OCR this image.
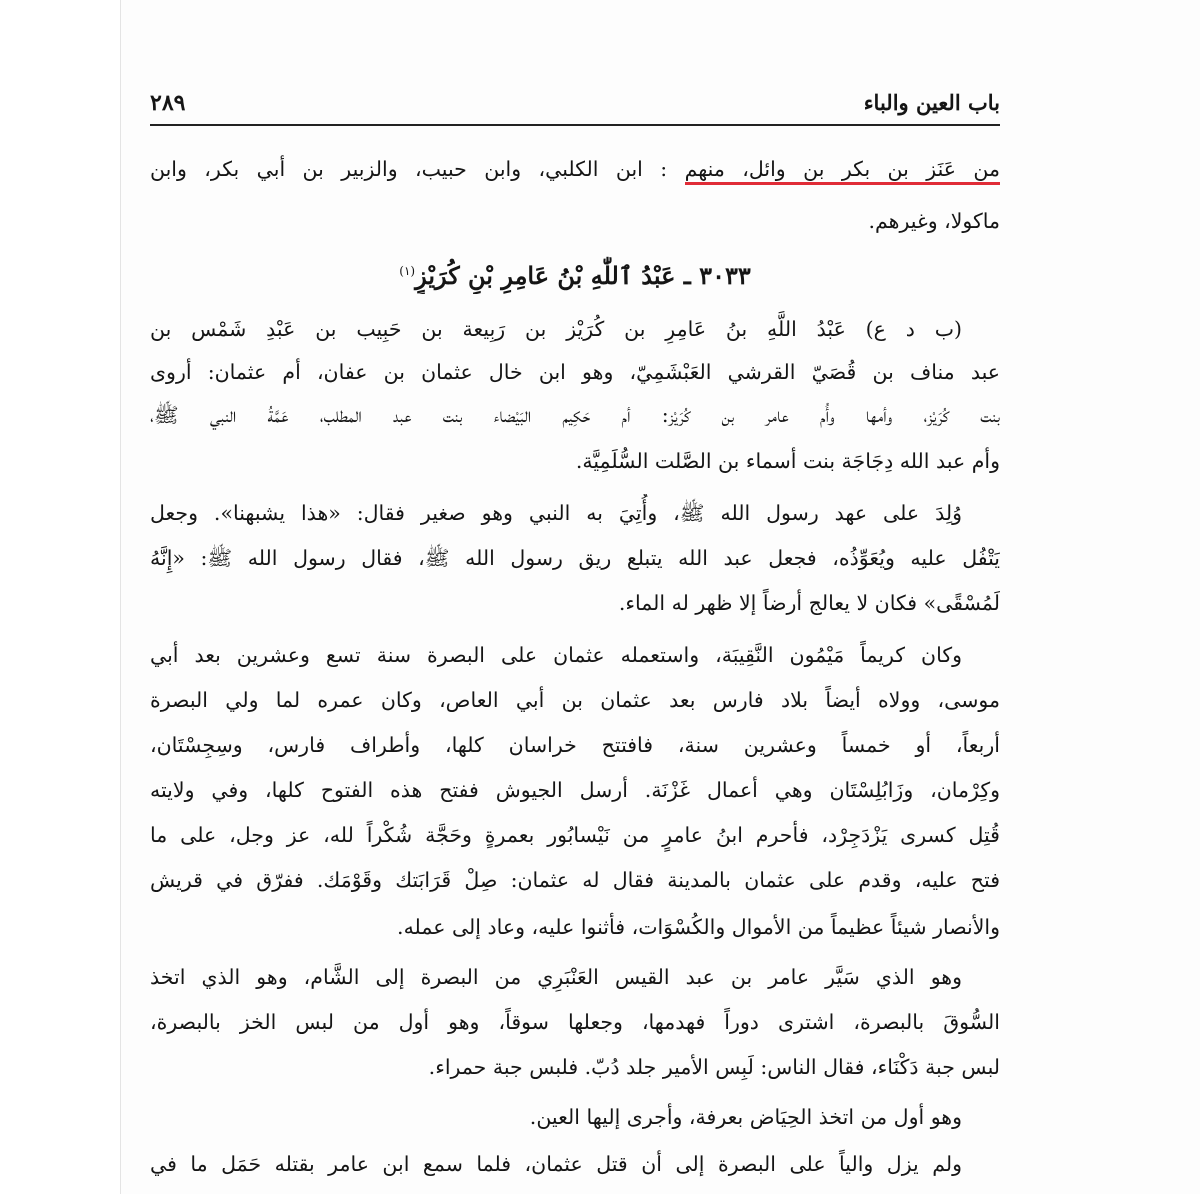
باب العين والباء
٢٨٩
من عَنَز بن بكر بن وائل، منهم : ابن الكلبي، وابن حبيب، والزبير بن أبي بكر، وابن
ماكولا، وغيرهم.
٣٠٣٣ ـ عَبْدُ ٱللّٰهِ بْنُ عَامِرِ بْنِ كُرَيْزٍ$^{(١)}$
(ب د ع) عَبْدُ اللَّهِ بنُ عَامِرِ بن كُرَيْز بن رَبِيعة بن حَبِيب بن عَبْدِ شَمْس بن
عبد مناف بن قُصَيّ القرشي العَبْشَمِيّ، وهو ابن خال عثمان بن عفان، أم عثمان: أروى
بنت كُرَيْز، وأمها وأُم عامر بن كُرَيْز: أم حَكِيم البَيْضاء بنت عبد المطلب، عَمَّةُ النبي ﷺ،
وأم عبد الله دِجَاجَة بنت أسماء بن الصَّلت السُّلَمِيَّة.
وُلِدَ على عهد رسول الله ﷺ، وأُتِيَ به النبي وهو صغير فقال: «هذا يشبهنا». وجعل
يَتْفُل عليه ويُعَوِّذُه، فجعل عبد الله يتبلع ريق رسول الله ﷺ، فقال رسول الله ﷺ: «إِنَّهُ
لَمُسْقًى» فكان لا يعالج أرضاً إلا ظهر له الماء.
وكان كريماً مَيْمُون النَّقِيبَة، واستعمله عثمان على البصرة سنة تسع وعشرين بعد أبي
موسى، وولاه أيضاً بلاد فارس بعد عثمان بن أبي العاص، وكان عمره لما ولي البصرة
أربعاً، أو خمساً وعشرين سنة، فافتتح خراسان كلها، وأطراف فارس، وسِجِسْتَان،
وكِرْمان، وزَابُلِسْتَان وهي أعمال غَزْنَة. أرسل الجيوش ففتح هذه الفتوح كلها، وفي ولايته
قُتِل كسرى يَزْدَجِرْد، فأحرم ابنُ عامرٍ من نَيْسابُور بعمرةٍ وحَجَّة شُكْراً لله، عز وجل، على ما
فتح عليه، وقدم على عثمان بالمدينة فقال له عثمان: صِلْ قَرَابَتك وقَوْمَك. ففرّق في قريش
والأنصار شيئاً عظيماً من الأموال والكُسْوَات، فأثنوا عليه، وعاد إلى عمله.
وهو الذي سَيَّر عامر بن عبد القيس العَنْبَرِي من البصرة إلى الشَّام، وهو الذي اتخذ
السُّوقَ بالبصرة، اشترى دوراً فهدمها، وجعلها سوقاً، وهو أول من لبس الخز بالبصرة،
لبس جبة دَكْنَاء، فقال الناس: لَبِس الأمير جلد دُبّ. فلبس جبة حمراء.
وهو أول من اتخذ الحِيَاض بعرفة، وأجرى إليها العين.
ولم يزل والياً على البصرة إلى أن قتل عثمان، فلما سمع ابن عامر بقتله حَمَل ما في
